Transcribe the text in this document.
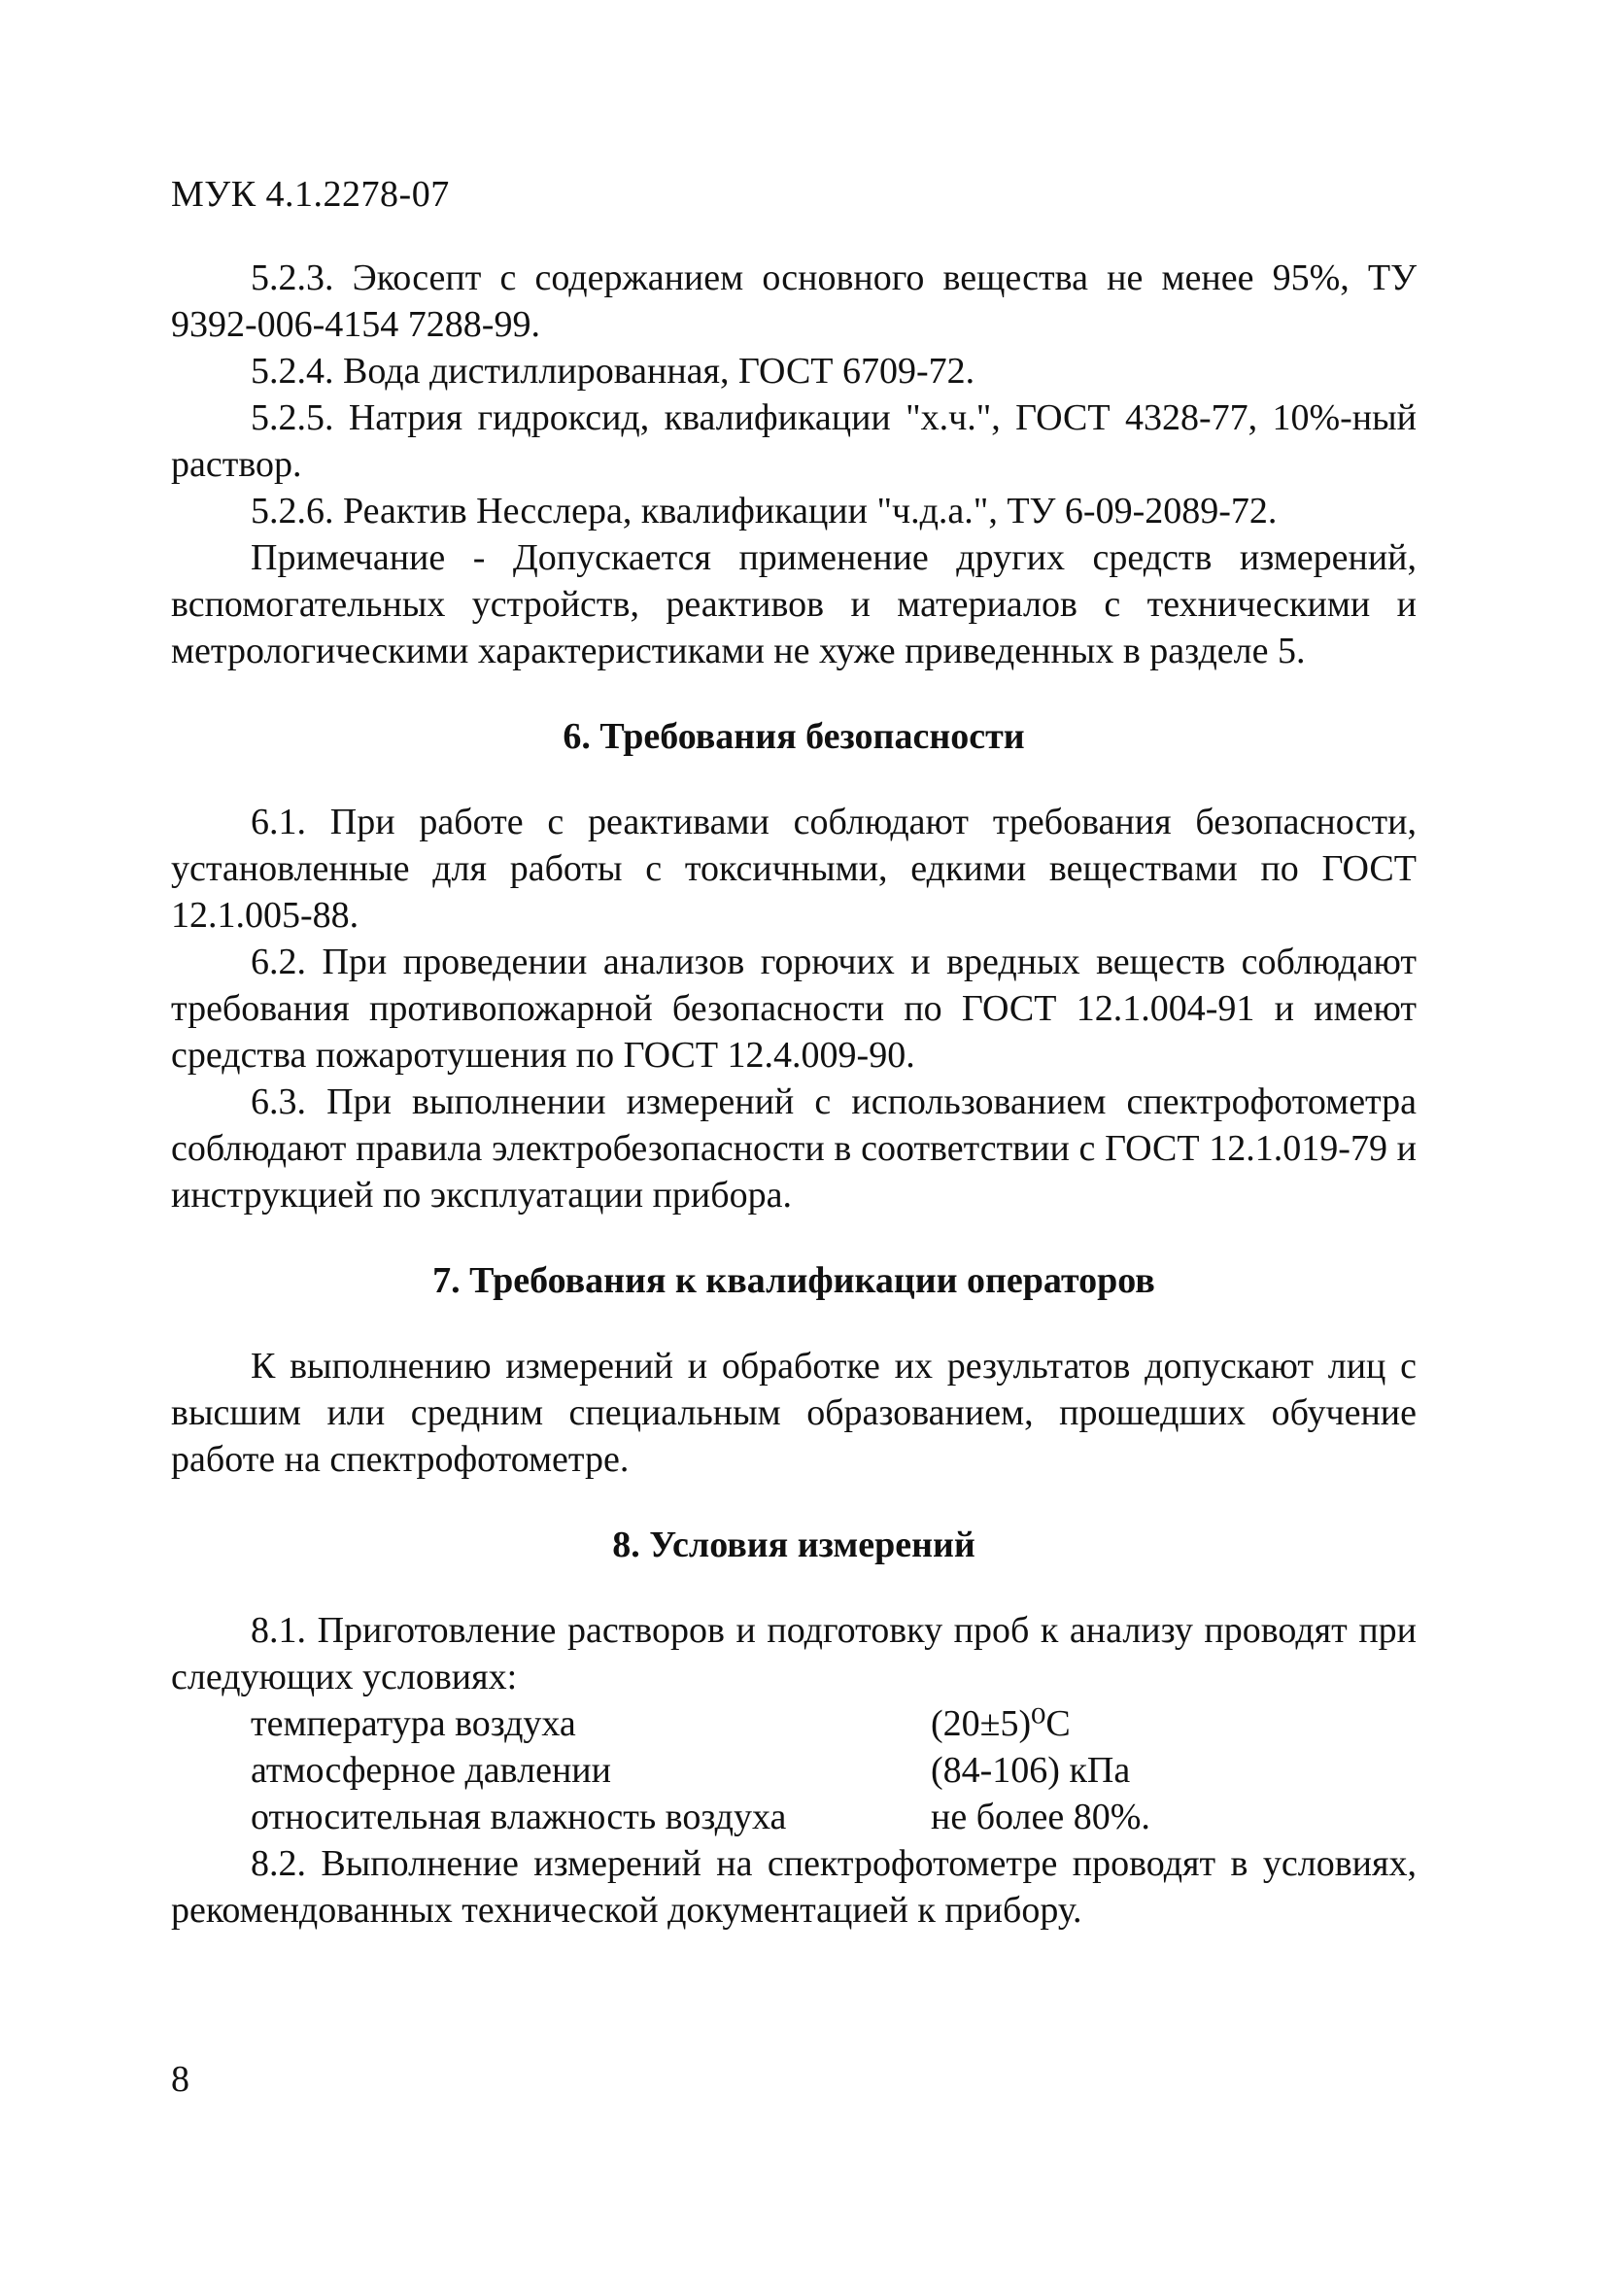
МУК 4.1.2278-07

5.2.3. Экосепт с содержанием основного вещества не менее 95%, ТУ 9392-006-4154 7288-99.

5.2.4. Вода дистиллированная, ГОСТ 6709-72.

5.2.5. Натрия гидроксид, квалификации "х.ч.", ГОСТ 4328-77, 10%-ный раствор.

5.2.6. Реактив Несслера, квалификации "ч.д.а.", ТУ 6-09-2089-72.

Примечание - Допускается применение других средств измерений, вспомогательных устройств, реактивов и материалов с техническими и метрологическими характеристиками не хуже приведенных в разделе 5.

6. Требования безопасности

6.1. При работе с реактивами соблюдают требования безопасности, установленные для работы с токсичными, едкими веществами по ГОСТ 12.1.005-88.

6.2. При проведении анализов горючих и вредных веществ соблюдают требования противопожарной безопасности по ГОСТ 12.1.004-91 и имеют средства пожаротушения по ГОСТ 12.4.009-90.

6.3. При выполнении измерений с использованием спектрофотометра соблюдают правила электробезопасности в соответствии с ГОСТ 12.1.019-79 и инструкцией по эксплуатации прибора.

7. Требования к квалификации операторов

К выполнению измерений и обработке их результатов допускают лиц с высшим или средним специальным образованием, прошедших обучение работе на спектрофотометре.

8. Условия измерений

8.1. Приготовление растворов и подготовку проб к анализу проводят при следующих условиях:

температура воздуха	(20±5)⁰С
атмосферное давлении	(84-106) кПа
относительная влажность воздуха	не более 80%.

8.2. Выполнение измерений на спектрофотометре проводят в условиях, рекомендованных технической документацией к прибору.

8
